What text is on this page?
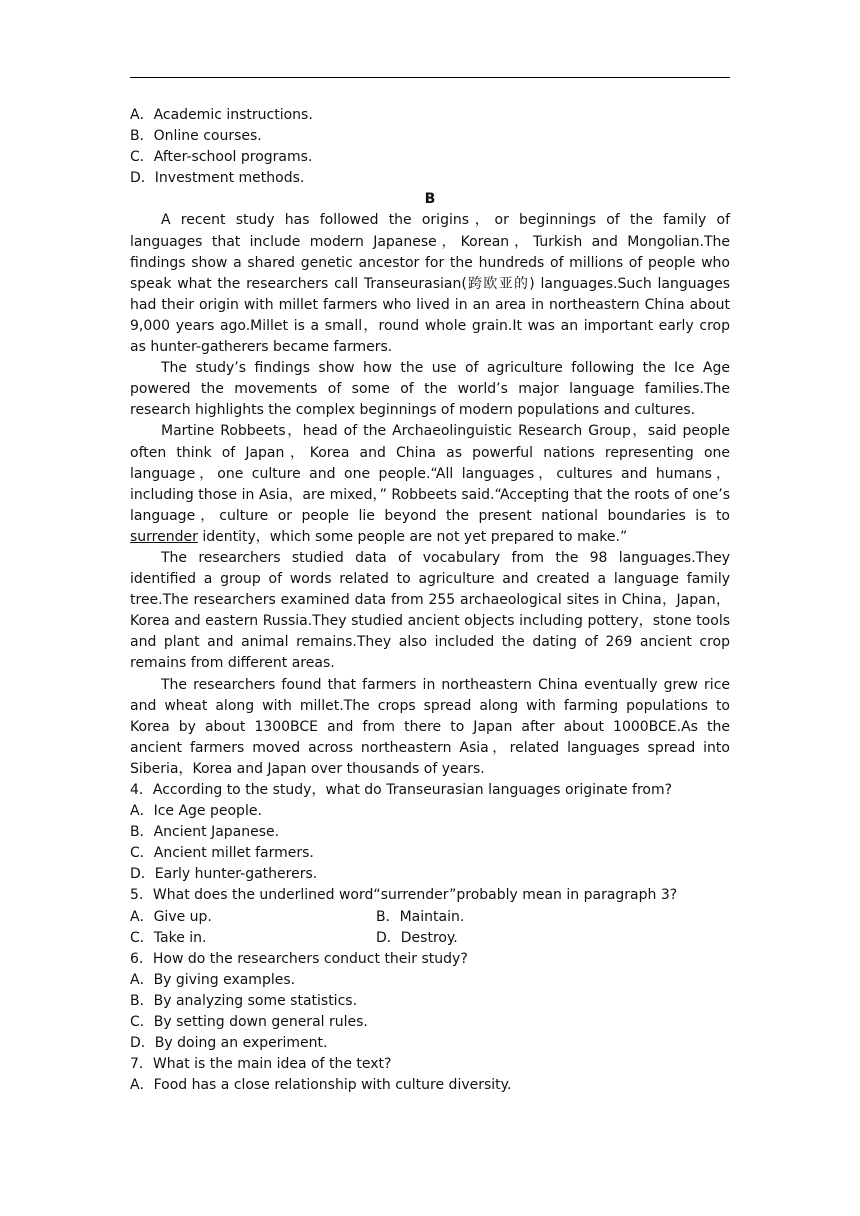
A．Academic instructions.
B．Online courses.
C．After-school programs.
D．Investment methods.
B

A recent study has followed the origins，or beginnings of the family of languages that include modern Japanese，Korean，Turkish and Mongolian.The findings show a shared genetic ancestor for the hundreds of millions of people who speak what the researchers call Transeurasian(跨欧亚的) languages.Such languages had their origin with millet farmers who lived in an area in northeastern China about 9,000 years ago.Millet is a small，round whole grain.It was an important early crop as hunter-gatherers became farmers.

The study’s findings show how the use of agriculture following the Ice Age powered the movements of some of the world’s major language families.The research highlights the complex beginnings of modern populations and cultures.

Martine Robbeets，head of the Archaeolinguistic Research Group，said people often think of Japan，Korea and China as powerful nations representing one language，one culture and one people.“All languages，cultures and humans，including those in Asia，are mixed，” Robbeets said.“Accepting that the roots of one’s language，culture or people lie beyond the present national boundaries is to surrender identity，which some people are not yet prepared to make.”

The researchers studied data of vocabulary from the 98 languages.They identified a group of words related to agriculture and created a language family tree.The researchers examined data from 255 archaeological sites in China，Japan，Korea and eastern Russia.They studied ancient objects including pottery，stone tools and plant and animal remains.They also included the dating of 269 ancient crop remains from different areas.

The researchers found that farmers in northeastern China eventually grew rice and wheat along with millet.The crops spread along with farming populations to Korea by about 1300BCE and from there to Japan after about 1000BCE.As the ancient farmers moved across northeastern Asia，related languages spread into Siberia，Korea and Japan over thousands of years.

4．According to the study，what do Transeurasian languages originate from?
A．Ice Age people.
B．Ancient Japanese.
C．Ancient millet farmers.
D．Early hunter-gatherers.
5．What does the underlined word“surrender”probably mean in paragraph 3?
A．Give up.	B．Maintain.
C．Take in.	D．Destroy.
6．How do the researchers conduct their study?
A．By giving examples.
B．By analyzing some statistics.
C．By setting down general rules.
D．By doing an experiment.
7．What is the main idea of the text?
A．Food has a close relationship with culture diversity.
